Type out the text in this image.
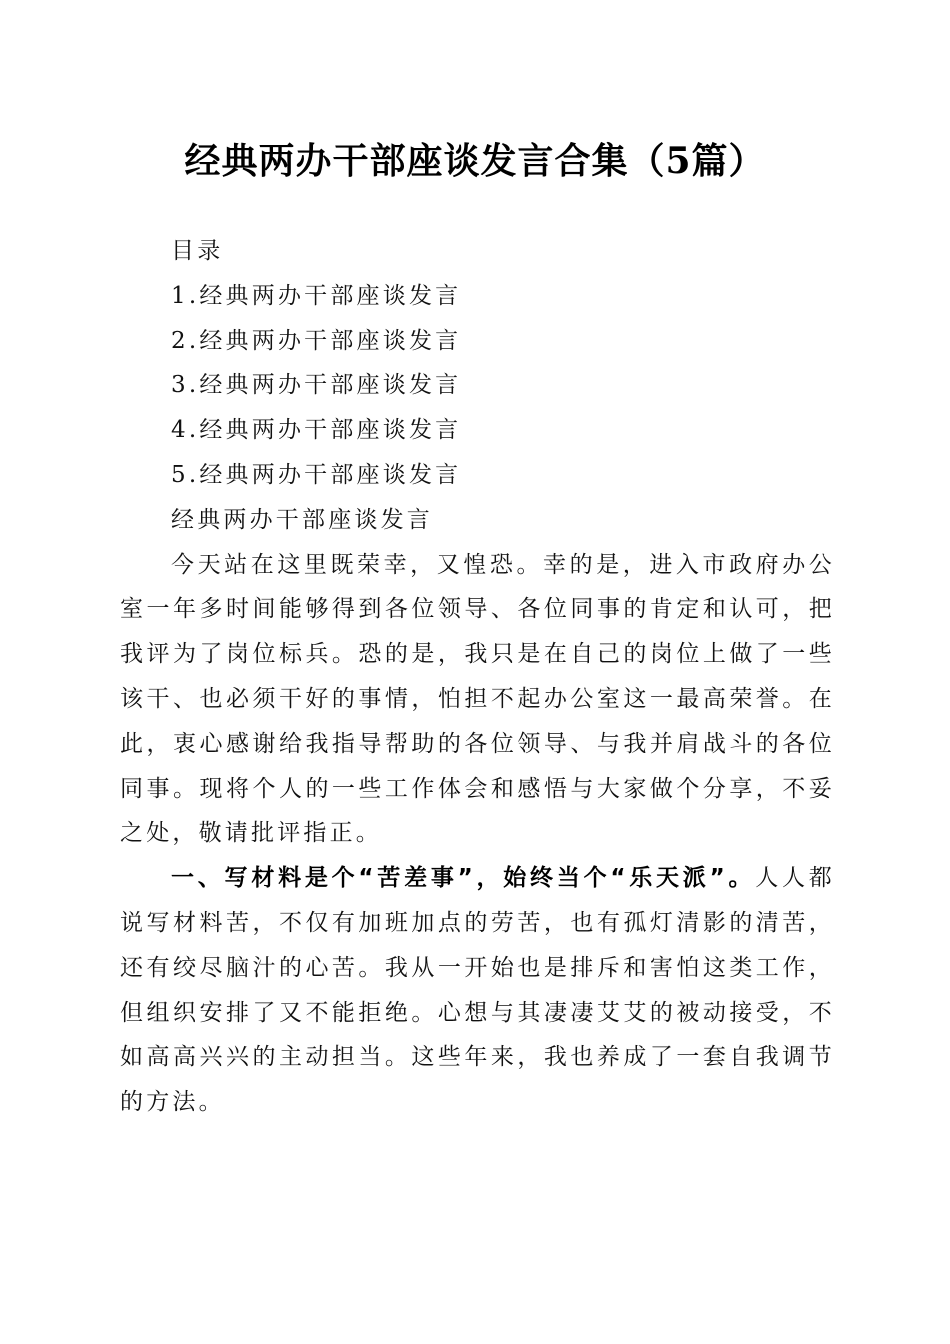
经典两办干部座谈发言合集（5篇）
目录
1.经典两办干部座谈发言
2.经典两办干部座谈发言
3.经典两办干部座谈发言
4.经典两办干部座谈发言
5.经典两办干部座谈发言
经典两办干部座谈发言

今天站在这里既荣幸，又惶恐。幸的是，进入市政府办公室一年多时间能够得到各位领导、各位同事的肯定和认可，把我评为了岗位标兵。恐的是，我只是在自己的岗位上做了一些该干、也必须干好的事情，怕担不起办公室这一最高荣誉。在此，衷心感谢给我指导帮助的各位领导、与我并肩战斗的各位同事。现将个人的一些工作体会和感悟与大家做个分享，不妥之处，敬请批评指正。

一、写材料是个“苦差事”，始终当个“乐天派”。人人都说写材料苦，不仅有加班加点的劳苦，也有孤灯清影的清苦，还有绞尽脑汁的心苦。我从一开始也是排斥和害怕这类工作，但组织安排了又不能拒绝。心想与其凄凄艾艾的被动接受，不如高高兴兴的主动担当。这些年来，我也养成了一套自我调节的方法。
